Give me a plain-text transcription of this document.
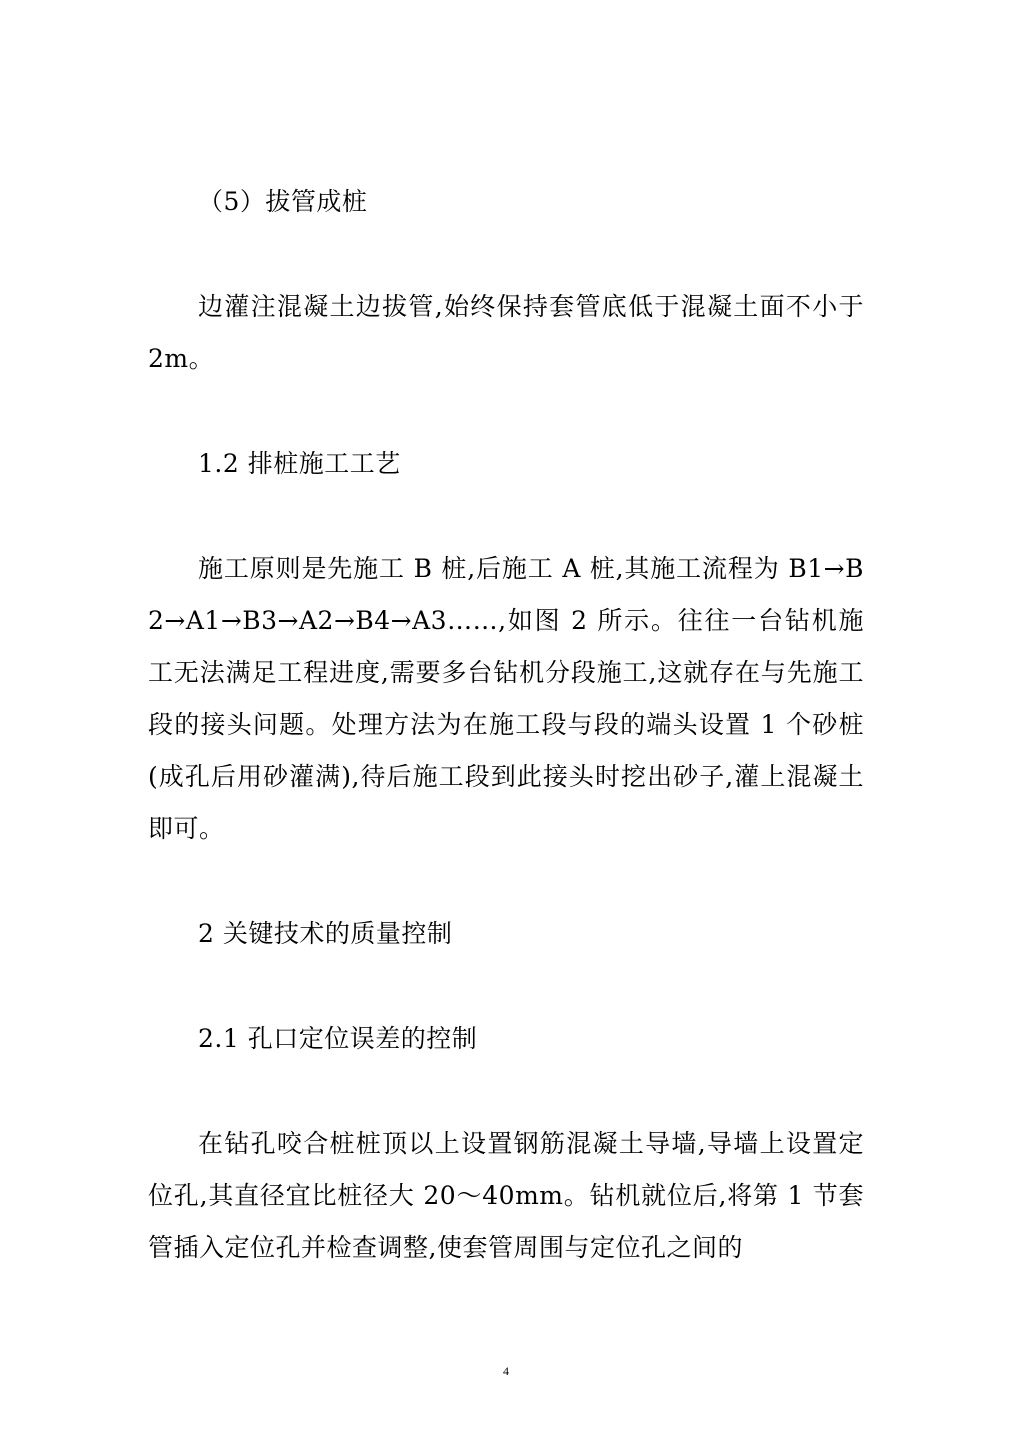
（5）拔管成桩

边灌注混凝土边拔管,始终保持套管底低于混凝土面不小于 2m。

1.2 排桩施工工艺

施工原则是先施工 B 桩,后施工 A 桩,其施工流程为 B1→B2→A1→B3→A2→B4→A3……,如图 2 所示。往往一台钻机施工无法满足工程进度,需要多台钻机分段施工,这就存在与先施工段的接头问题。处理方法为在施工段与段的端头设置 1 个砂桩(成孔后用砂灌满),待后施工段到此接头时挖出砂子,灌上混凝土即可。

2 关键技术的质量控制

2.1 孔口定位误差的控制

在钻孔咬合桩桩顶以上设置钢筋混凝土导墙,导墙上设置定位孔,其直径宜比桩径大 20～40mm。钻机就位后,将第 1 节套管插入定位孔并检查调整,使套管周围与定位孔之间的

4
